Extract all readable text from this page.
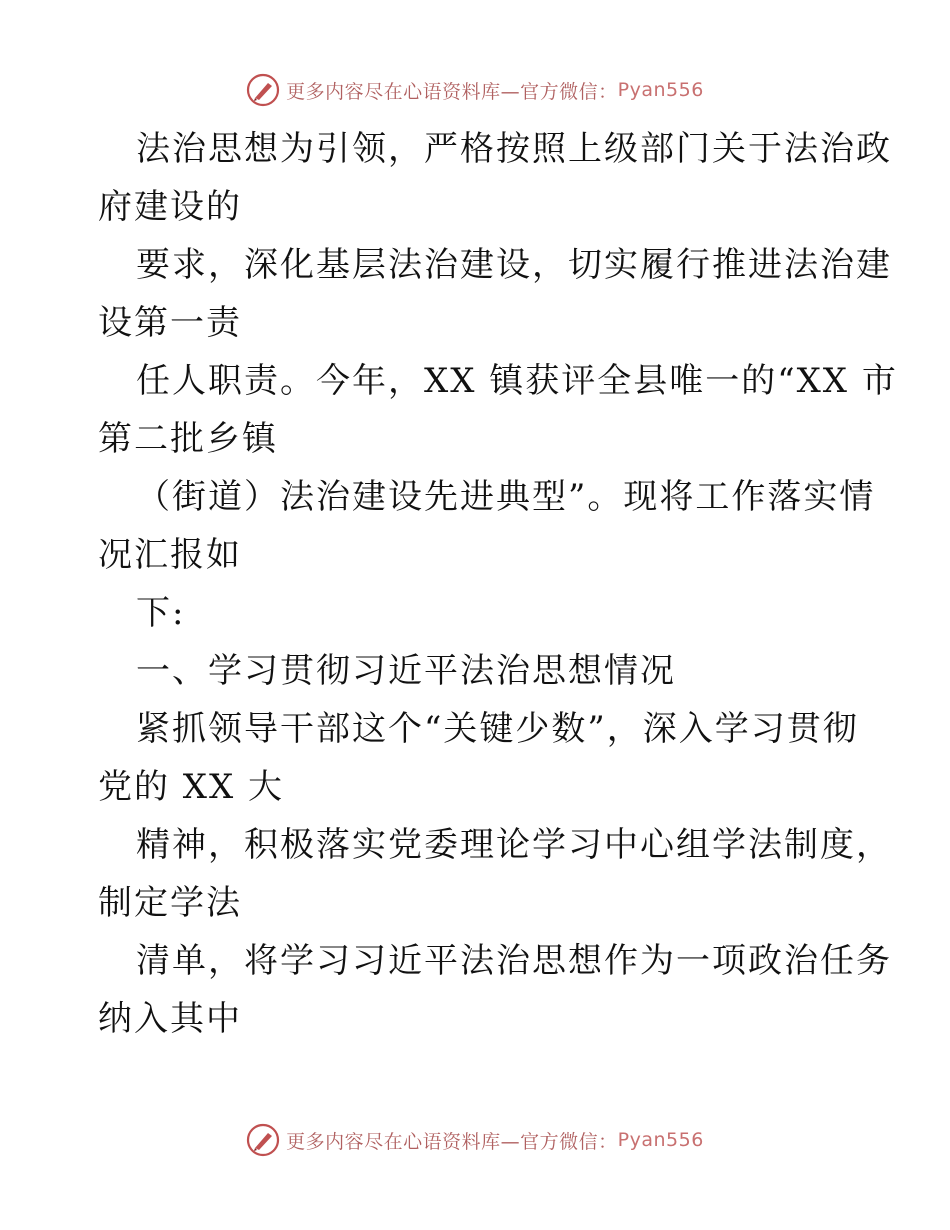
更多内容尽在心语资料库—官方微信： Pyan556
法治思想为引领，严格按照上级部门关于法治政
府建设的
要求，深化基层法治建设，切实履行推进法治建
设第一责
任人职责。今年，XX 镇获评全县唯一的“XX 市
第二批乡镇
（街道）法治建设先进典型”。现将工作落实情
况汇报如
下:
一、学习贯彻习近平法治思想情况
紧抓领导干部这个“关键少数”，深入学习贯彻
党的 XX 大
精神，积极落实党委理论学习中心组学法制度，
制定学法
清单，将学习习近平法治思想作为一项政治任务
纳入其中
更多内容尽在心语资料库—官方微信： Pyan556
